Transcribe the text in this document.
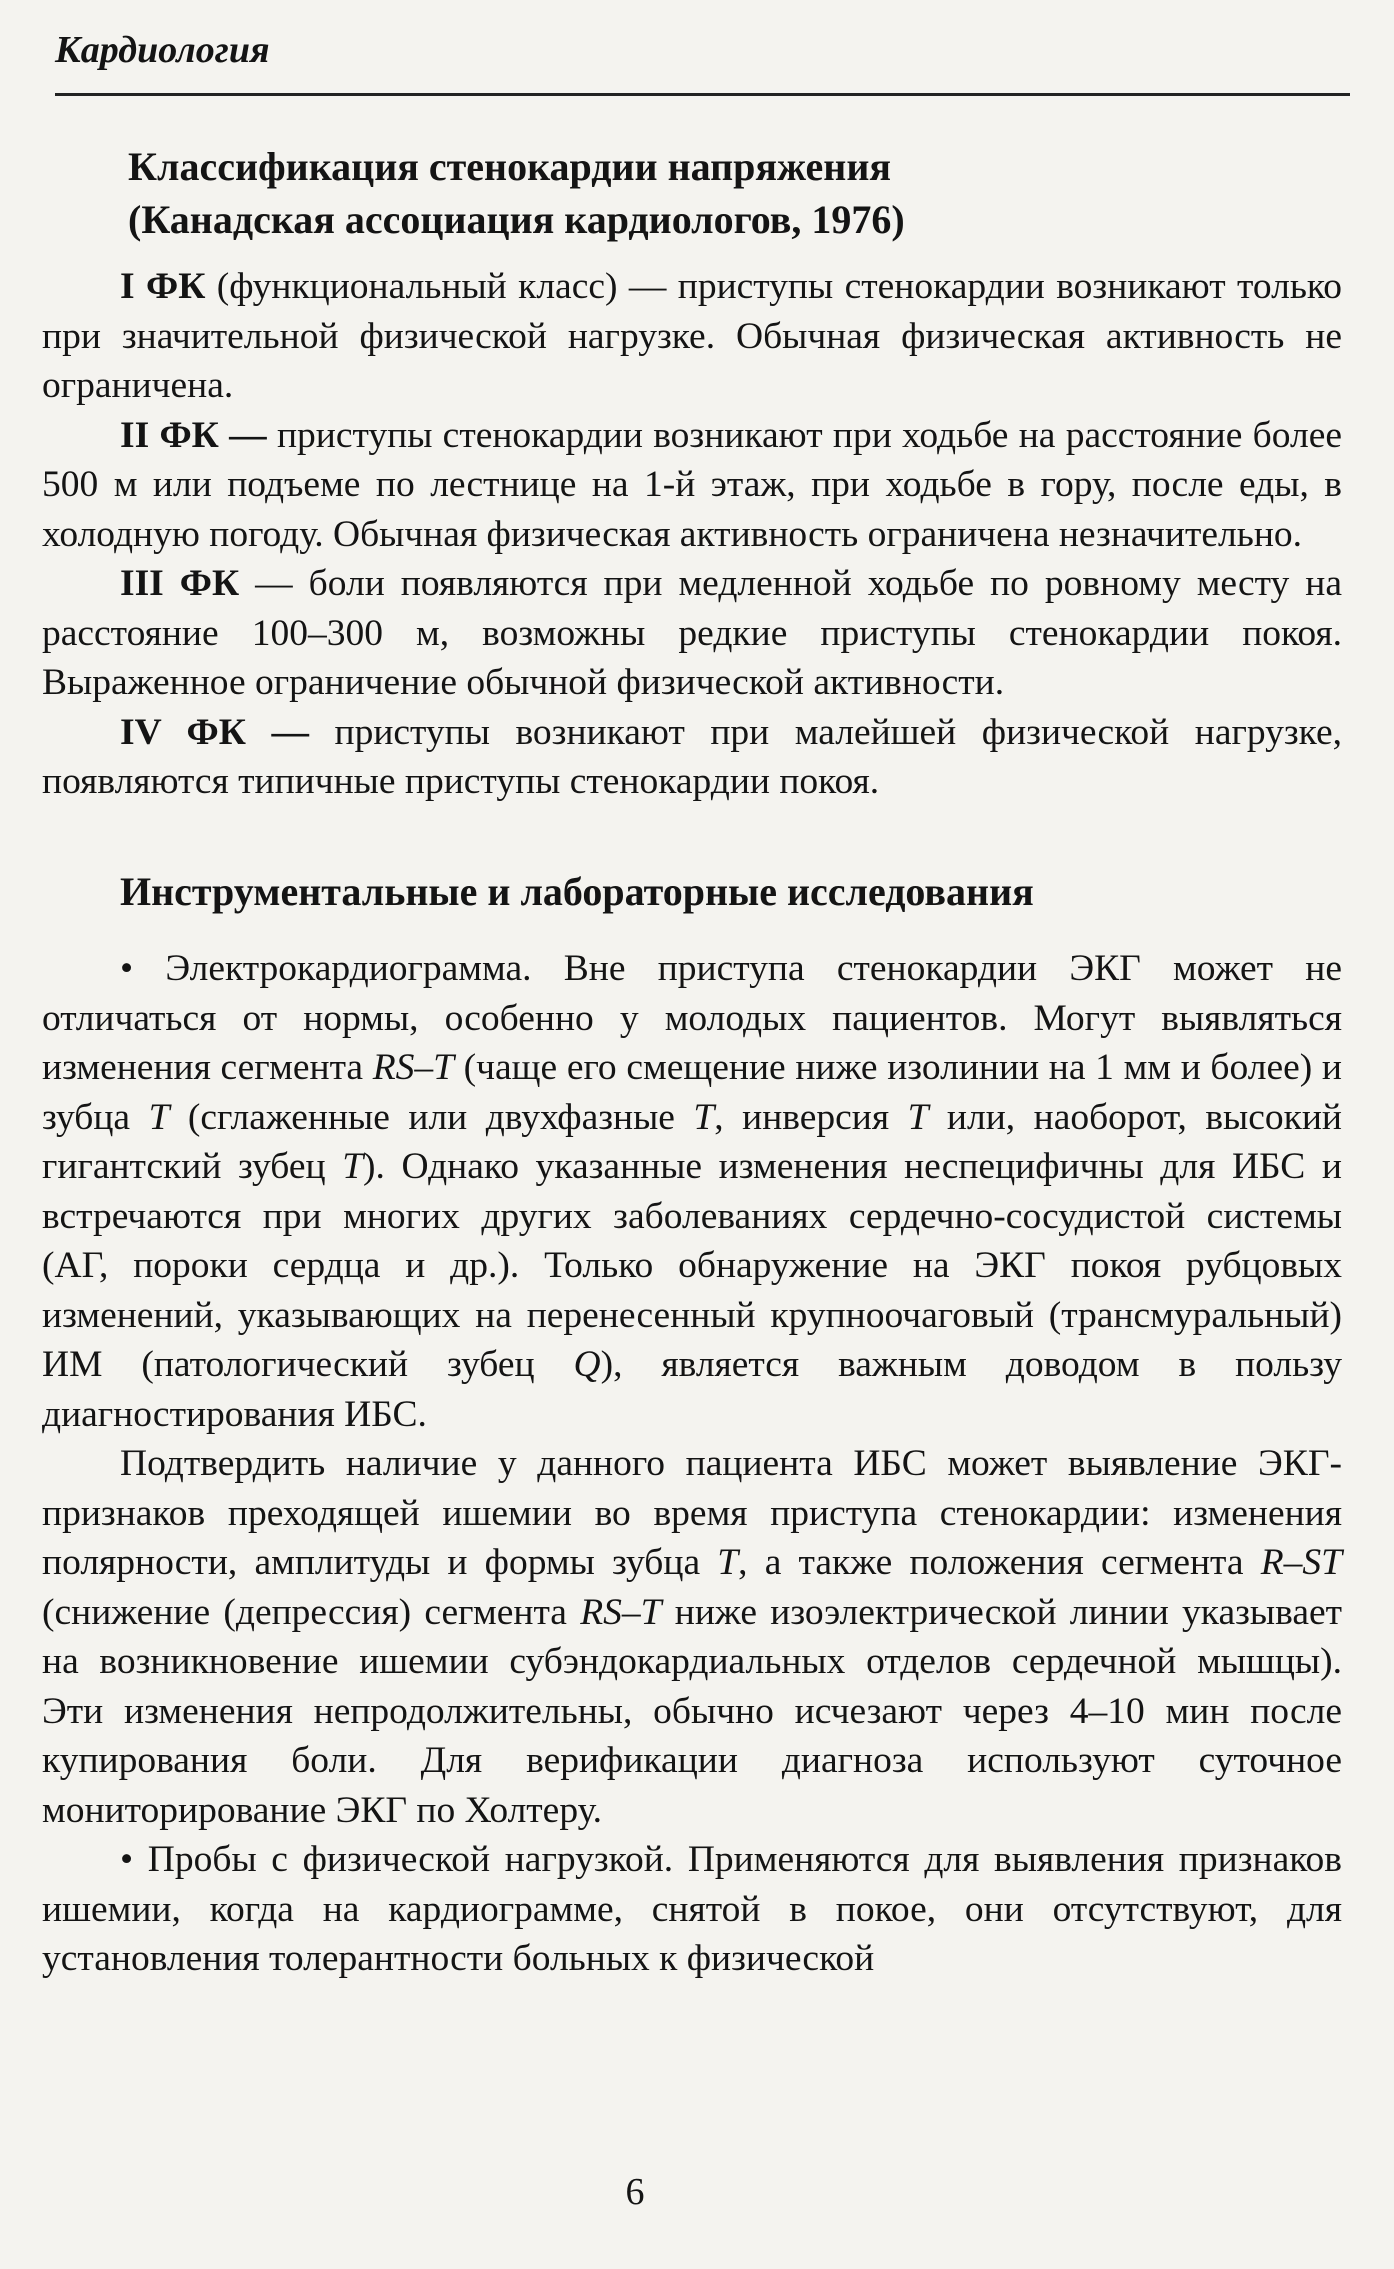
Кардиология
Классификация стенокардии напряжения
(Канадская ассоциация кардиологов, 1976)

I ФК (функциональный класс) — приступы стенокардии возникают только при значительной физической нагрузке. Обычная физическая активность не ограничена.

II ФК — приступы стенокардии возникают при ходьбе на расстояние более 500 м или подъеме по лестнице на 1-й этаж, при ходьбе в гору, после еды, в холодную погоду. Обычная физическая активность ограничена незначительно.

III ФК — боли появляются при медленной ходьбе по ровному месту на расстояние 100–300 м, возможны редкие приступы стенокардии покоя. Выраженное ограничение обычной физической активности.

IV ФК — приступы возникают при малейшей физической нагрузке, появляются типичные приступы стенокардии покоя.

Инструментальные и лабораторные исследования

• Электрокардиограмма. Вне приступа стенокардии ЭКГ может не отличаться от нормы, особенно у молодых пациентов. Могут выявляться изменения сегмента RS–T (чаще его смещение ниже изолинии на 1 мм и более) и зубца T (сглаженные или двухфазные T, инверсия T или, наоборот, высокий гигантский зубец T). Однако указанные изменения неспецифичны для ИБС и встречаются при многих других заболеваниях сердечно-сосудистой системы (АГ, пороки сердца и др.). Только обнаружение на ЭКГ покоя рубцовых изменений, указывающих на перенесенный крупноочаговый (трансмуральный) ИМ (патологический зубец Q), является важным доводом в пользу диагностирования ИБС.

Подтвердить наличие у данного пациента ИБС может выявление ЭКГ-признаков преходящей ишемии во время приступа стенокардии: изменения полярности, амплитуды и формы зубца T, а также положения сегмента R–ST (снижение (депрессия) сегмента RS–T ниже изоэлектрической линии указывает на возникновение ишемии субэндокардиальных отделов сердечной мышцы). Эти изменения непродолжительны, обычно исчезают через 4–10 мин после купирования боли. Для верификации диагноза используют суточное мониторирование ЭКГ по Холтеру.

• Пробы с физической нагрузкой. Применяются для выявления признаков ишемии, когда на кардиограмме, снятой в покое, они отсутствуют, для установления толерантности больных к физической

6
